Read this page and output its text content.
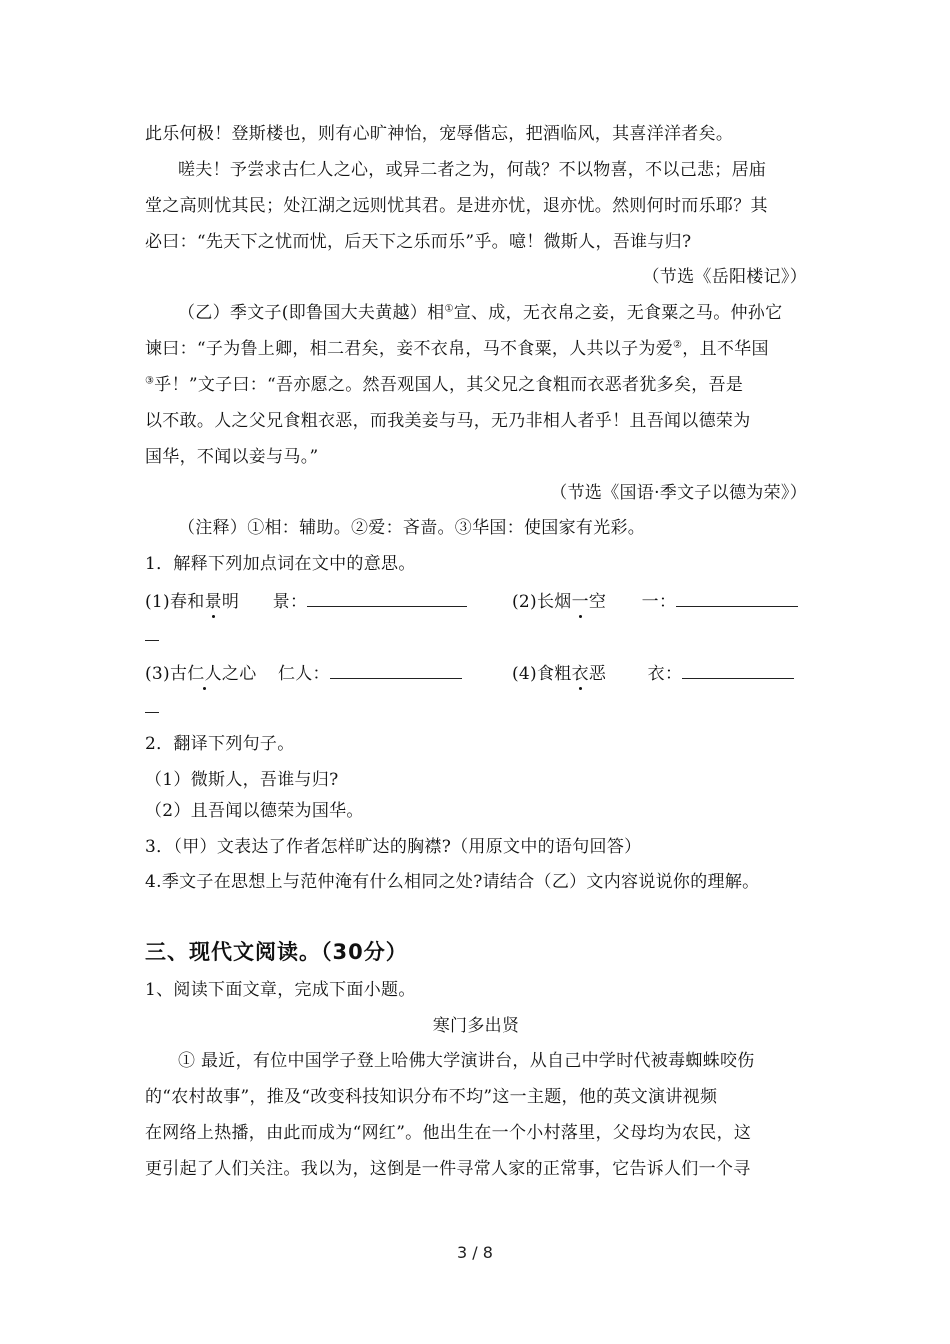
此乐何极！登斯楼也，则有心旷神怡，宠辱偕忘，把酒临风，其喜洋洋者矣。
嗟夫！予尝求古仁人之心，或异二者之为，何哉？不以物喜，不以己悲；居庙
堂之高则忧其民；处江湖之远则忧其君。是进亦忧，退亦忧。然则何时而乐耶？其
必曰：“先天下之忧而忧，后天下之乐而乐”乎。噫！微斯人，吾谁与归?
（节选《岳阳楼记》）
（乙）季文子(即鲁国大夫黄越）相①宣、成，无衣帛之妾，无食粟之马。仲孙它
谏曰：“子为鲁上卿，相二君矣，妾不衣帛，马不食粟，人共以子为爱②，且不华国
③乎！”文子曰：“吾亦愿之。然吾观国人，其父兄之食粗而衣恶者犹多矣，吾是
以不敢。人之父兄食粗衣恶，而我美妾与马，无乃非相人者乎！且吾闻以德荣为
国华，不闻以妾与马。”
（节选《国语·季文子以德为荣》）
（注释）①相：辅助。②爱：吝啬。③华国：使国家有光彩。
1．解释下列加点词在文中的意思。
(1)春和景明 景：	(2)长烟一空 一：
(3)古仁人之心 仁人：	(4)食粗衣恶 衣：
2．翻译下列句子。
（1）微斯人，吾谁与归?
（2）且吾闻以德荣为国华。
3．（甲）文表达了作者怎样旷达的胸襟?（用原文中的语句回答）
4.季文子在思想上与范仲淹有什么相同之处?请结合（乙）文内容说说你的理解。
三、现代文阅读。（30分）
1、阅读下面文章，完成下面小题。
寒门多出贤
① 最近，有位中国学子登上哈佛大学演讲台，从自己中学时代被毒蜘蛛咬伤
的“农村故事”，推及“改变科技知识分布不均”这一主题，他的英文演讲视频
在网络上热播，由此而成为“网红”。他出生在一个小村落里，父母均为农民，这
更引起了人们关注。我以为，这倒是一件寻常人家的正常事，它告诉人们一个寻
3 / 8
